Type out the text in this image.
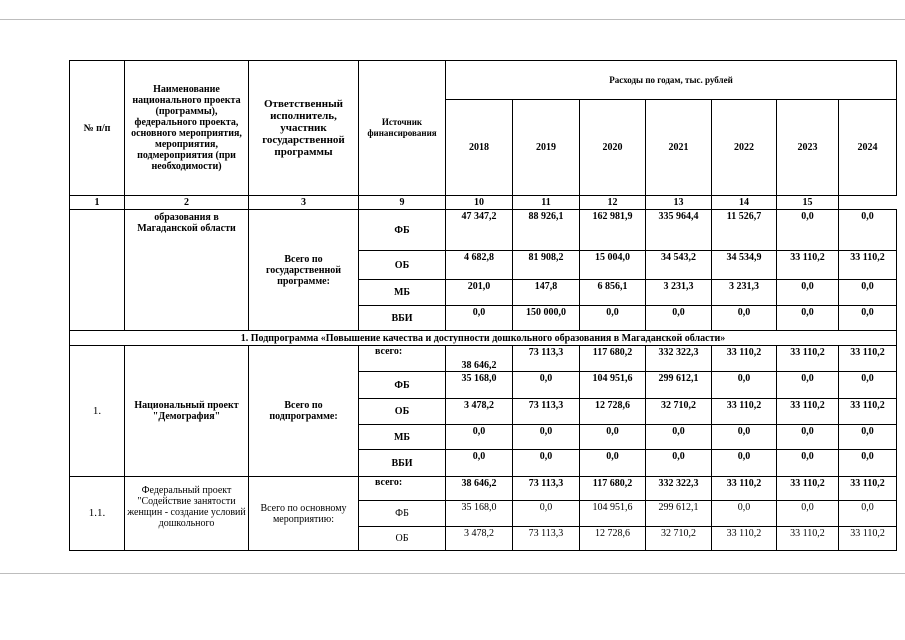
№ п/п	Наименование национального проекта (программы), федерального проекта, основного мероприятия, мероприятия, подмероприятия (при необходимости)	Ответственный исполнитель, участник государственной программы	Источник финансирования	Расходы по годам, тыс. рублей						
				2018	2019	2020	2021	2022	2023	2024
1	2	3	9	10	11	12	13	14	15	
	образования в Магаданской области	Всего по государственной программе:	ФБ	47 347,2	88 926,1	162 981,9	335 964,4	11 526,7	0,0	0,0
			ОБ	4 682,8	81 908,2	15 004,0	34 543,2	34 534,9	33 110,2	33 110,2
			МБ	201,0	147,8	6 856,1	3 231,3	3 231,3	0,0	0,0
			ВБИ	0,0	150 000,0	0,0	0,0	0,0	0,0	0,0
1. Подпрограмма «Повышение качества и доступности дошкольного образования в Магаданской области»										
1.	Национальный проект "Демография"	Всего по подпрограмме:	всего:	38 646,2	73 113,3	117 680,2	332 322,3	33 110,2	33 110,2	33 110,2
			ФБ	35 168,0	0,0	104 951,6	299 612,1	0,0	0,0	0,0
			ОБ	3 478,2	73 113,3	12 728,6	32 710,2	33 110,2	33 110,2	33 110,2
			МБ	0,0	0,0	0,0	0,0	0,0	0,0	0,0
			ВБИ	0,0	0,0	0,0	0,0	0,0	0,0	0,0
1.1.	Федеральный проект "Содействие занятости женщин - создание условий дошкольного	Всего по основному мероприятию:	всего:	38 646,2	73 113,3	117 680,2	332 322,3	33 110,2	33 110,2	33 110,2
			ФБ	35 168,0	0,0	104 951,6	299 612,1	0,0	0,0	0,0
			ОБ	3 478,2	73 113,3	12 728,6	32 710,2	33 110,2	33 110,2	33 110,2
